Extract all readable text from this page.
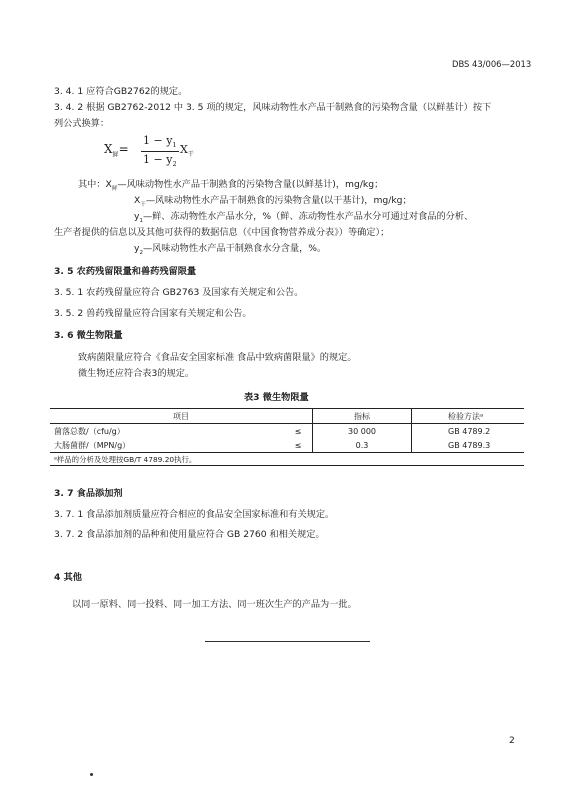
DBS 43/006—2013
3. 4. 1 应符合GB2762的规定。
3. 4. 2 根据 GB2762-2012 中 3. 5 项的规定，风味动物性水产品干制熟食的污染物含量（以鲜基计）按下
列公式换算：
$X_鲜=$
$1 - y_1$
$1 - y_2$
$X_干$
其中：$X_鲜—$风味动物性水产品干制熟食的污染物含量(以鲜基计)，mg/kg；
$X_干—$风味动物性水产品干制熟食的污染物含量(以干基计)，mg/kg；
$y_1—$鲜、冻动物性水产品水分，%（鲜、冻动物性水产品水分可通过对食品的分析、
生产者提供的信息以及其他可获得的数据信息（《中国食物营养成分表》）等确定）；
$y_2—$风味动物性水产品干制熟食水分含量，%。
3. 5 农药残留限量和兽药残留限量
3. 5. 1 农药残留量应符合 GB2763 及国家有关规定和公告。
3. 5. 2 兽药残留量应符合国家有关规定和公告。
3. 6 微生物限量
致病菌限量应符合《食品安全国家标准 食品中致病菌限量》的规定。
微生物还应符合表3的规定。
表3 微生物限量
项目		指标	检验方法ᵃ
菌落总数/（cfu/g）	≤	30 000	GB 4789.2
大肠菌群/（MPN/g）	≤	0.3	GB 4789.3
ᵃ样品的分析及处理按GB/T 4789.20执行。			
3. 7 食品添加剂
3. 7. 1 食品添加剂质量应符合相应的食品安全国家标准和有关规定。
3. 7. 2 食品添加剂的品种和使用量应符合 GB 2760 和相关规定。
4 其他
以同一原料、同一投料、同一加工方法、同一班次生产的产品为一批。
2
